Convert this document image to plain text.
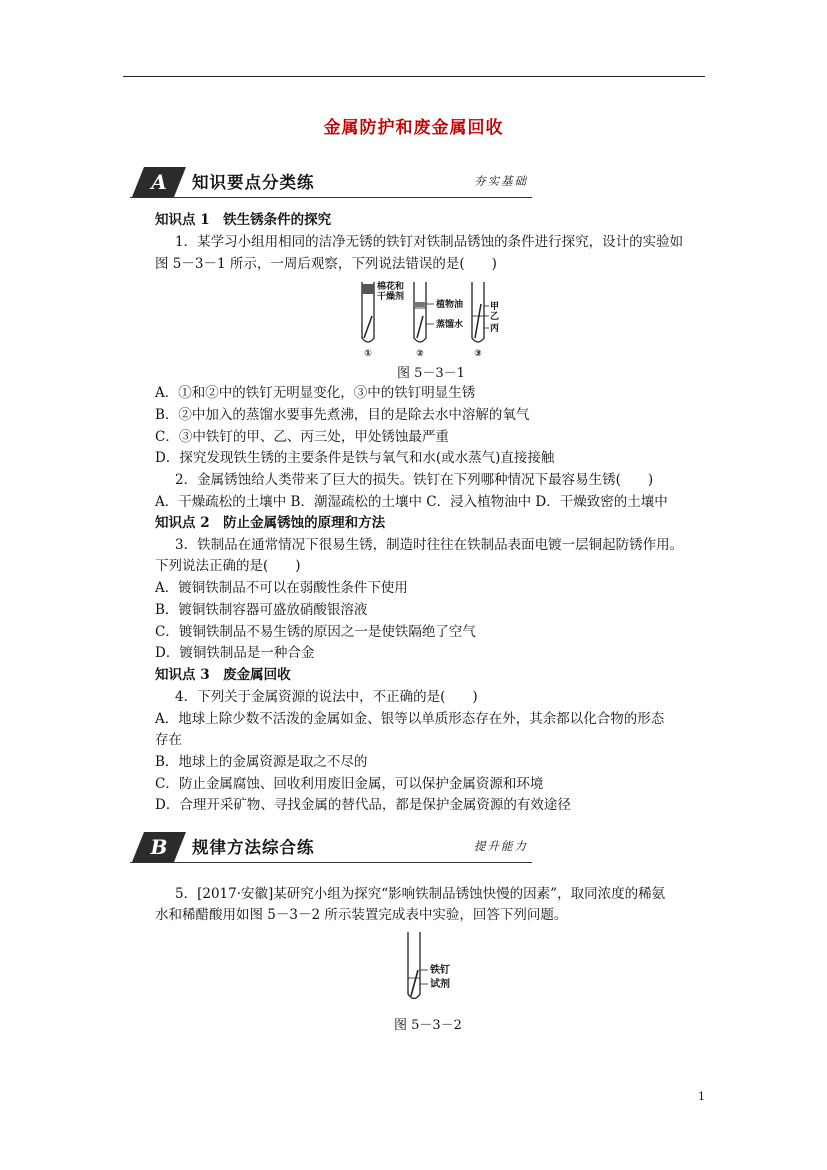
金属防护和废金属回收
A 知识要点分类练	夯实基础
知识点 1　铁生锈条件的探究
1．某学习小组用相同的洁净无锈的铁钉对铁制品锈蚀的条件进行探究，设计的实验如
图 5－3－1 所示，一周后观察，下列说法错误的是(　　)
棉花和
干燥剂
植物油
蒸馏水
甲
乙
丙
①	②	③
图 5－3－1
A．①和②中的铁钉无明显变化，③中的铁钉明显生锈
B．②中加入的蒸馏水要事先煮沸，目的是除去水中溶解的氧气
C．③中铁钉的甲、乙、丙三处，甲处锈蚀最严重
D．探究发现铁生锈的主要条件是铁与氧气和水(或水蒸气)直接接触
2．金属锈蚀给人类带来了巨大的损失。铁钉在下列哪种情况下最容易生锈(　　)
A．干燥疏松的土壤中 B．潮湿疏松的土壤中 C．浸入植物油中 D．干燥致密的土壤中
知识点 2　防止金属锈蚀的原理和方法
3．铁制品在通常情况下很易生锈，制造时往往在铁制品表面电镀一层铜起防锈作用。
下列说法正确的是(　　)
A．镀铜铁制品不可以在弱酸性条件下使用
B．镀铜铁制容器可盛放硝酸银溶液
C．镀铜铁制品不易生锈的原因之一是使铁隔绝了空气
D．镀铜铁制品是一种合金
知识点 3　废金属回收
4．下列关于金属资源的说法中，不正确的是(　　)
A．地球上除少数不活泼的金属如金、银等以单质形态存在外，其余都以化合物的形态
存在
B．地球上的金属资源是取之不尽的
C．防止金属腐蚀、回收利用废旧金属，可以保护金属资源和环境
D．合理开采矿物、寻找金属的替代品，都是保护金属资源的有效途径
B 规律方法综合练	提升能力
5．[2017·安徽]某研究小组为探究“影响铁制品锈蚀快慢的因素”，取同浓度的稀氨
水和稀醋酸用如图 5－3－2 所示装置完成表中实验，回答下列问题。
铁钉
试剂
图 5－3－2
1
